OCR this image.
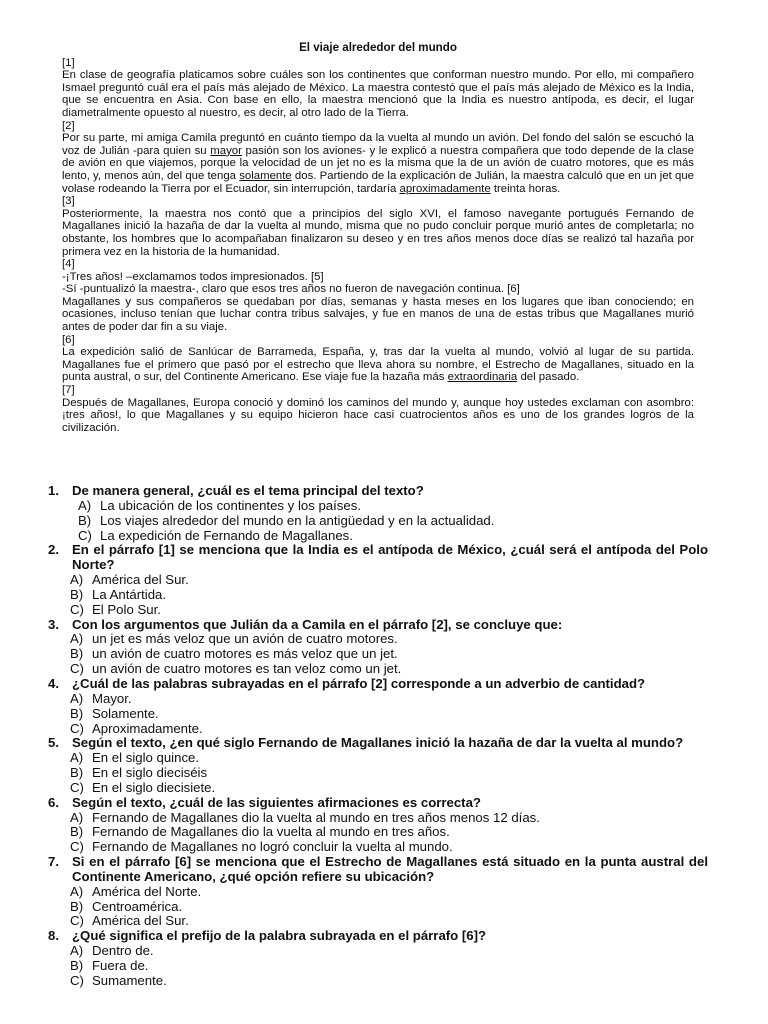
El viaje alrededor del mundo
[1]
En clase de geografía platicamos sobre cuáles son los continentes que conforman nuestro mundo. Por ello, mi compañero Ismael preguntó cuál era el país más alejado de México. La maestra contestó que el país más alejado de México es la India, que se encuentra en Asia. Con base en ello, la maestra mencionó que la India es nuestro antípoda, es decir, el lugar diametralmente opuesto al nuestro, es decir, al otro lado de la Tierra.
[2]
Por su parte, mi amiga Camila preguntó en cuánto tiempo da la vuelta al mundo un avión. Del fondo del salón se escuchó la voz de Julián -para quien su mayor pasión son los aviones- y le explicó a nuestra compañera que todo depende de la clase de avión en que viajemos, porque la velocidad de un jet no es la misma que la de un avión de cuatro motores, que es más lento, y, menos aún, del que tenga solamente dos. Partiendo de la explicación de Julián, la maestra calculó que en un jet que volase rodeando la Tierra por el Ecuador, sin interrupción, tardaría aproximadamente treinta horas.
[3]
Posteriormente, la maestra nos contó que a principios del siglo XVI, el famoso navegante portugués Fernando de Magallanes inició la hazaña de dar la vuelta al mundo, misma que no pudo concluir porque murió antes de completarla; no obstante, los hombres que lo acompañaban finalizaron su deseo y en tres años menos doce días se realizó tal hazaña por primera vez en la historia de la humanidad.
[4]

-¡Tres años! –exclamamos todos impresionados. [5]

-Sí -puntualizó la maestra-, claro que esos tres años no fueron de navegación continua. [6]

Magallanes y sus compañeros se quedaban por días, semanas y hasta meses en los lugares que iban conociendo; en ocasiones, incluso tenían que luchar contra tribus salvajes, y fue en manos de una de estas tribus que Magallanes murió antes de poder dar fin a su viaje.

[6]
La expedición salió de Sanlúcar de Barrameda, España, y, tras dar la vuelta al mundo, volvió al lugar de su partida. Magallanes fue el primero que pasó por el estrecho que lleva ahora su nombre, el Estrecho de Magallanes, situado en la punta austral, o sur, del Continente Americano. Ese viaje fue la hazaña más extraordinaria del pasado.
[7]
Después de Magallanes, Europa conoció y dominó los caminos del mundo y, aunque hoy ustedes exclaman con asombro: ¡tres años!, lo que Magallanes y su equipo hicieron hace casi cuatrocientos años es uno de los grandes logros de la civilización.
1. De manera general, ¿cuál es el tema principal del texto?
A) La ubicación de los continentes y los países.
B) Los viajes alrededor del mundo en la antigüedad y en la actualidad.
C) La expedición de Fernando de Magallanes.
2. En el párrafo [1] se menciona que la India es el antípoda de México, ¿cuál será el antípoda del Polo Norte?
A) América del Sur.
B) La Antártida.
C) El Polo Sur.
3. Con los argumentos que Julián da a Camila en el párrafo [2], se concluye que:
A) un jet es más veloz que un avión de cuatro motores.
B) un avión de cuatro motores es más veloz que un jet.
C) un avión de cuatro motores es tan veloz como un jet.
4. ¿Cuál de las palabras subrayadas en el párrafo [2] corresponde a un adverbio de cantidad?
A) Mayor.
B) Solamente.
C) Aproximadamente.
5. Según el texto, ¿en qué siglo Fernando de Magallanes inició la hazaña de dar la vuelta al mundo?
A) En el siglo quince.
B) En el siglo dieciséis
C) En el siglo diecisiete.
6. Según el texto, ¿cuál de las siguientes afirmaciones es correcta?
A) Fernando de Magallanes dio la vuelta al mundo en tres años menos 12 días.
B) Fernando de Magallanes dio la vuelta al mundo en tres años.
C) Fernando de Magallanes no logró concluir la vuelta al mundo.
7. Si en el párrafo [6] se menciona que el Estrecho de Magallanes está situado en la punta austral del Continente Americano, ¿qué opción refiere su ubicación?
A) América del Norte.
B) Centroamérica.
C) América del Sur.
8. ¿Qué significa el prefijo de la palabra subrayada en el párrafo [6]?
A) Dentro de.
B) Fuera de.
C) Sumamente.
